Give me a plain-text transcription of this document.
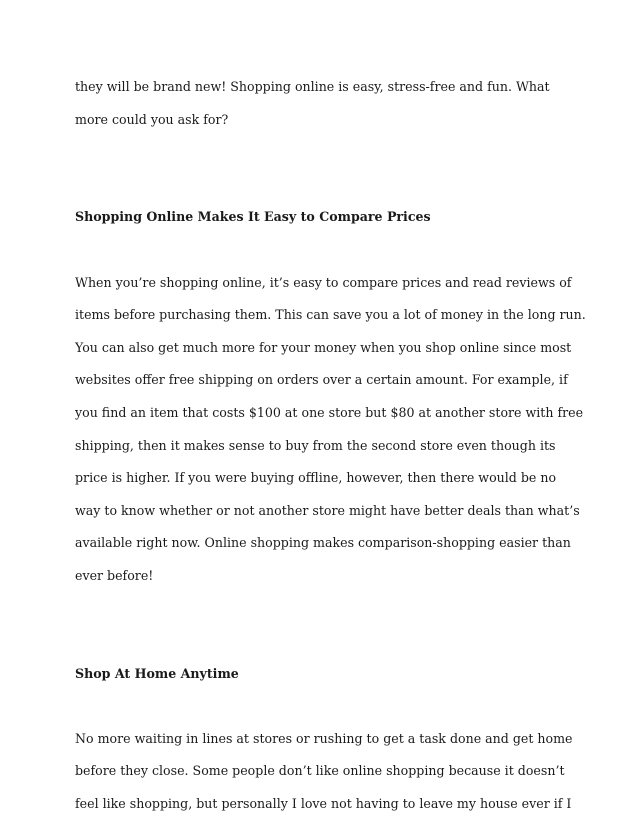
they will be brand new! Shopping online is easy, stress-free and fun. What
more could you ask for?
Shopping Online Makes It Easy to Compare Prices
When you’re shopping online, it’s easy to compare prices and read reviews of
items before purchasing them. This can save you a lot of money in the long run.
You can also get much more for your money when you shop online since most
websites offer free shipping on orders over a certain amount. For example, if
you find an item that costs $100 at one store but $80 at another store with free
shipping, then it makes sense to buy from the second store even though its
price is higher. If you were buying offline, however, then there would be no
way to know whether or not another store might have better deals than what’s
available right now. Online shopping makes comparison-shopping easier than
ever before!
Shop At Home Anytime
No more waiting in lines at stores or rushing to get a task done and get home
before they close. Some people don’t like online shopping because it doesn’t
feel like shopping, but personally I love not having to leave my house ever if I
